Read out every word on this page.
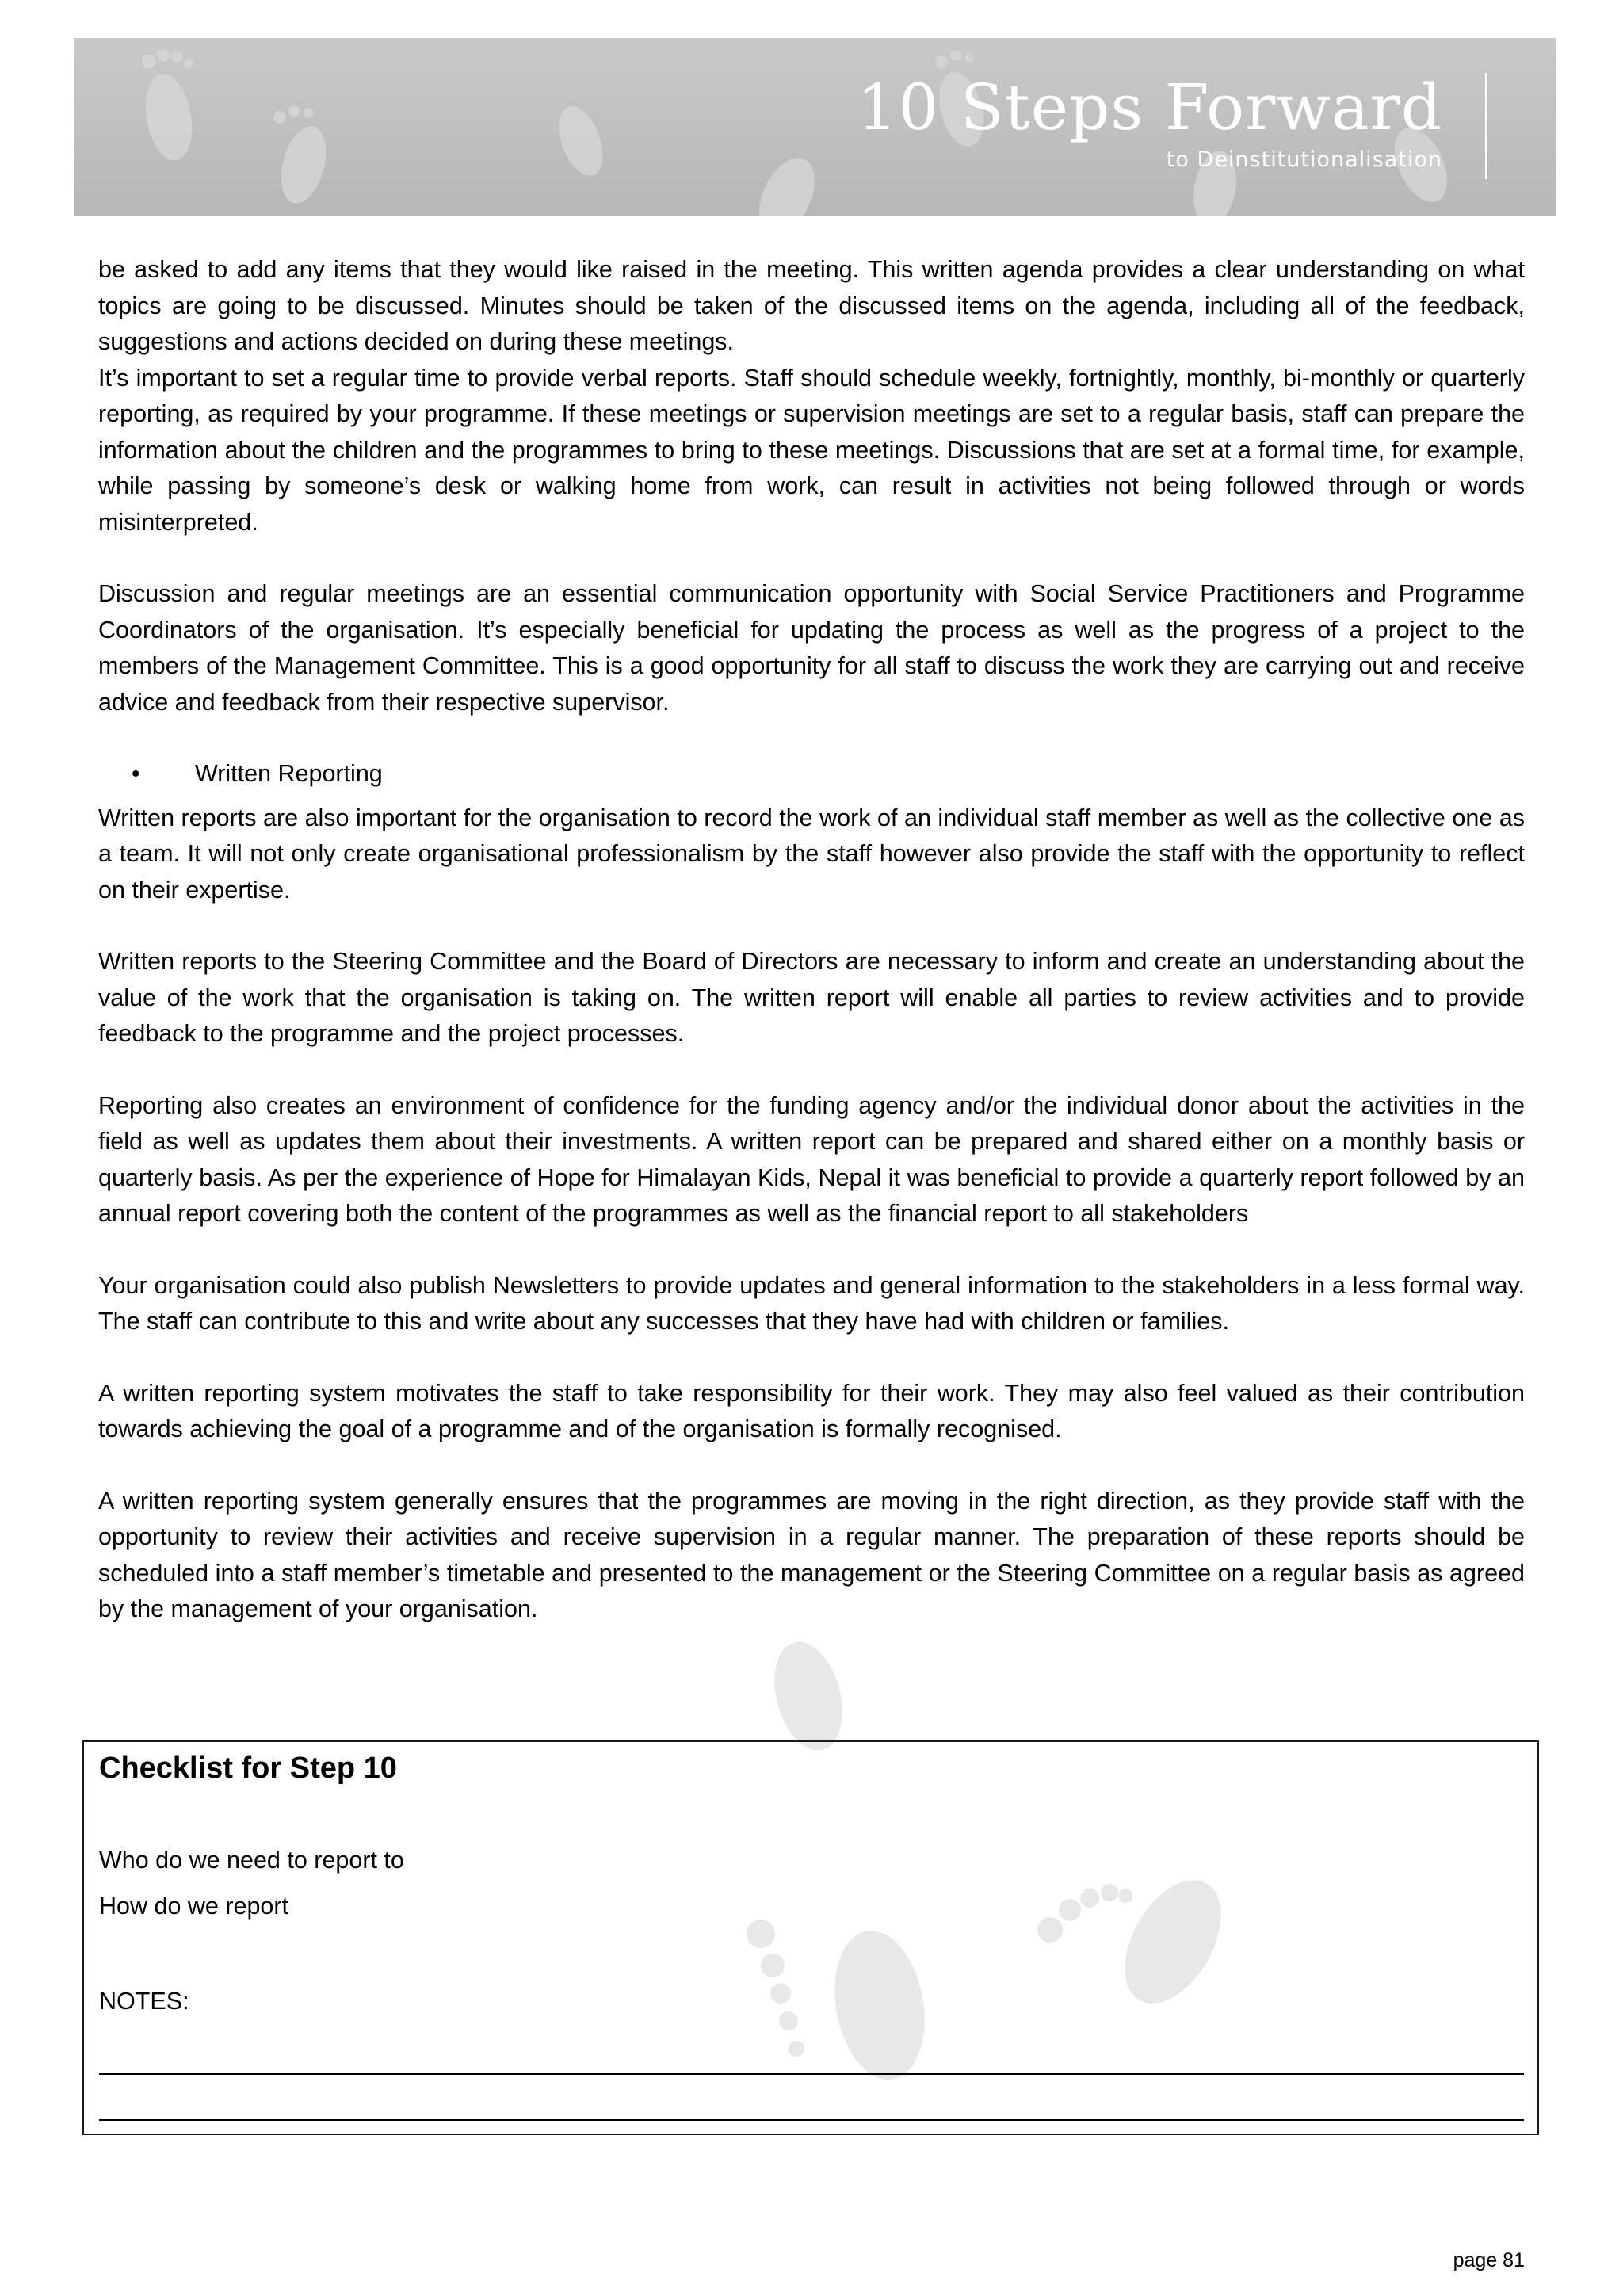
10 Steps Forward
to Deinstitutionalisation

be asked to add any items that they would like raised in the meeting. This written agenda provides a clear understanding on what topics are going to be discussed. Minutes should be taken of the discussed items on the agenda, including all of the feedback, suggestions and actions decided on during these meetings.

It’s important to set a regular time to provide verbal reports. Staff should schedule weekly, fortnightly, monthly, bi-monthly or quarterly reporting, as required by your programme. If these meetings or supervision meetings are set to a regular basis, staff can prepare the information about the children and the programmes to bring to these meetings. Discussions that are set at a formal time, for example, while passing by someone’s desk or walking home from work, can result in activities not being followed through or words misinterpreted.

Discussion and regular meetings are an essential communication opportunity with Social Service Practitioners and Programme Coordinators of the organisation. It’s especially beneficial for updating the process as well as the progress of a project to the members of the Management Committee. This is a good opportunity for all staff to discuss the work they are carrying out and receive advice and feedback from their respective supervisor.

• Written Reporting

Written reports are also important for the organisation to record the work of an individual staff member as well as the collective one as a team. It will not only create organisational professionalism by the staff however also provide the staff with the opportunity to reflect on their expertise.

Written reports to the Steering Committee and the Board of Directors are necessary to inform and create an understanding about the value of the work that the organisation is taking on. The written report will enable all parties to review activities and to provide feedback to the programme and the project processes.

Reporting also creates an environment of confidence for the funding agency and/or the individual donor about the activities in the field as well as updates them about their investments. A written report can be prepared and shared either on a monthly basis or quarterly basis. As per the experience of Hope for Himalayan Kids, Nepal it was beneficial to provide a quarterly report followed by an annual report covering both the content of the programmes as well as the financial report to all stakeholders

Your organisation could also publish Newsletters to provide updates and general information to the stakeholders in a less formal way. The staff can contribute to this and write about any successes that they have had with children or families.

A written reporting system motivates the staff to take responsibility for their work. They may also feel valued as their contribution towards achieving the goal of a programme and of the organisation is formally recognised.

A written reporting system generally ensures that the programmes are moving in the right direction, as they provide staff with the opportunity to review their activities and receive supervision in a regular manner. The preparation of these reports should be scheduled into a staff member’s timetable and presented to the management or the Steering Committee on a regular basis as agreed by the management of your organisation.

Checklist for Step 10
Who do we need to report to
How do we report
NOTES:
page 81
